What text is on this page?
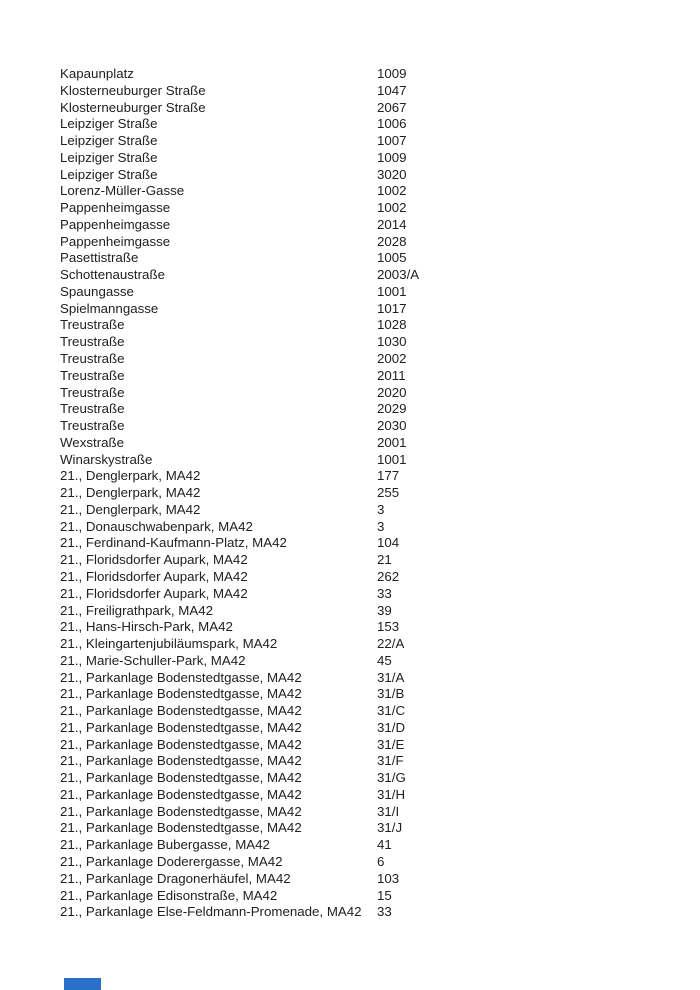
Kapaunplatz	1009
Klosterneuburger Straße	1047
Klosterneuburger Straße	2067
Leipziger Straße	1006
Leipziger Straße	1007
Leipziger Straße	1009
Leipziger Straße	3020
Lorenz-Müller-Gasse	1002
Pappenheimgasse	1002
Pappenheimgasse	2014
Pappenheimgasse	2028
Pasettistraße	1005
Schottenaustraße	2003/A
Spaungasse	1001
Spielmanngasse	1017
Treustraße	1028
Treustraße	1030
Treustraße	2002
Treustraße	2011
Treustraße	2020
Treustraße	2029
Treustraße	2030
Wexstraße	2001
Winarskystraße	1001
21., Denglerpark, MA42	177
21., Denglerpark, MA42	255
21., Denglerpark, MA42	3
21., Donauschwabenpark, MA42	3
21., Ferdinand-Kaufmann-Platz, MA42	104
21., Floridsdorfer Aupark, MA42	21
21., Floridsdorfer Aupark, MA42	262
21., Floridsdorfer Aupark, MA42	33
21., Freiligrathpark, MA42	39
21., Hans-Hirsch-Park, MA42	153
21., Kleingartenjubiläumspark, MA42	22/A
21., Marie-Schuller-Park, MA42	45
21., Parkanlage Bodenstedtgasse, MA42	31/A
21., Parkanlage Bodenstedtgasse, MA42	31/B
21., Parkanlage Bodenstedtgasse, MA42	31/C
21., Parkanlage Bodenstedtgasse, MA42	31/D
21., Parkanlage Bodenstedtgasse, MA42	31/E
21., Parkanlage Bodenstedtgasse, MA42	31/F
21., Parkanlage Bodenstedtgasse, MA42	31/G
21., Parkanlage Bodenstedtgasse, MA42	31/H
21., Parkanlage Bodenstedtgasse, MA42	31/I
21., Parkanlage Bodenstedtgasse, MA42	31/J
21., Parkanlage Bubergasse, MA42	41
21., Parkanlage Doderergasse, MA42	6
21., Parkanlage Dragonerhäufel, MA42	103
21., Parkanlage Edisonstraße, MA42	15
21., Parkanlage Else-Feldmann-Promenade, MA42	33
